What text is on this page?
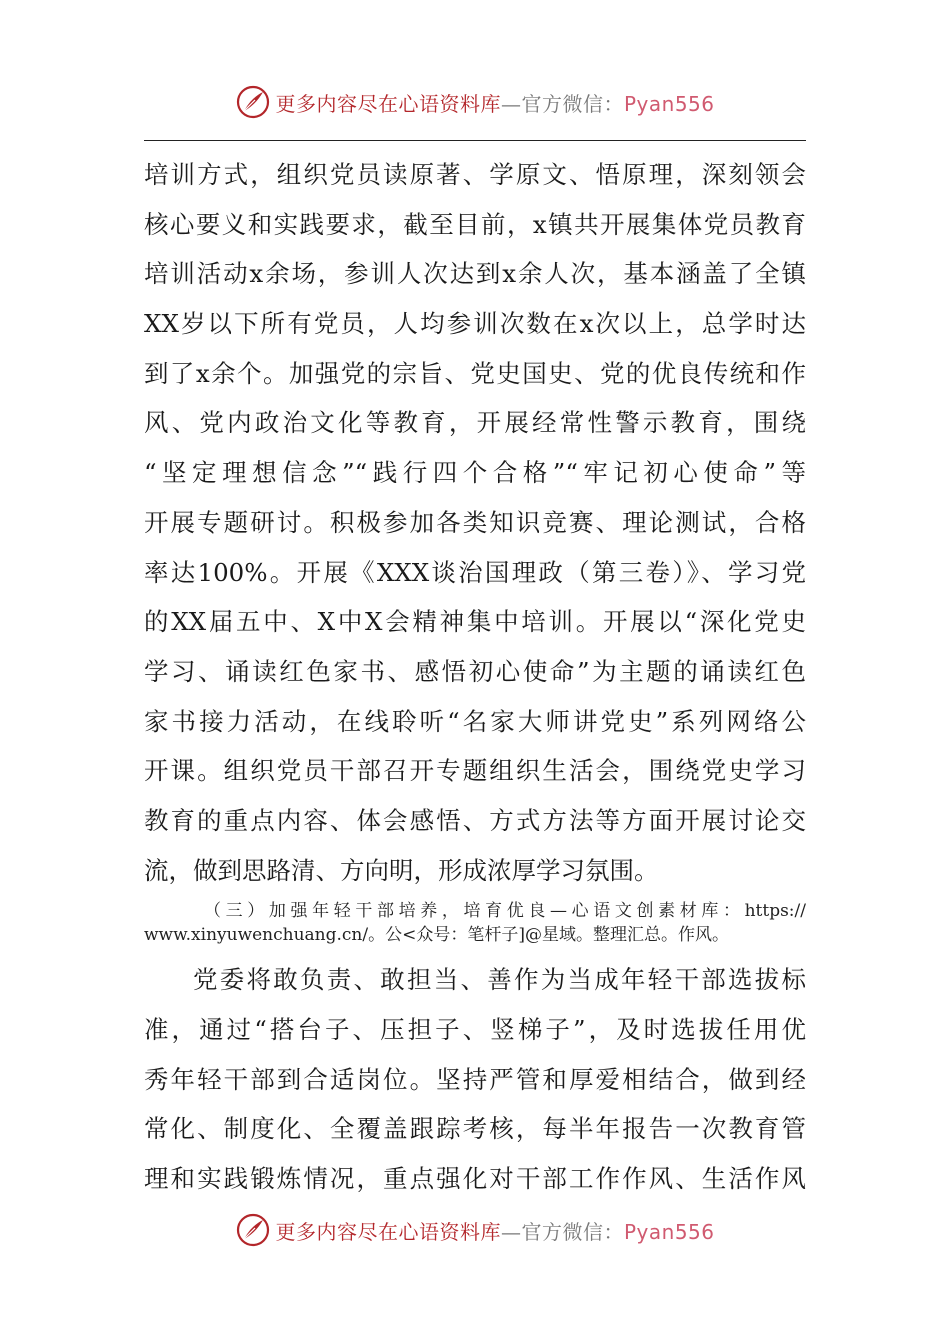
更多内容尽在心语资料库—官方微信：Pyan556
培训方式，组织党员读原著、学原文、悟原理，深刻领会
核心要义和实践要求，截至目前，x镇共开展集体党员教育
培训活动x余场，参训人次达到x余人次，基本涵盖了全镇
XX岁以下所有党员，人均参训次数在x次以上，总学时达
到了x余个。加强党的宗旨、党史国史、党的优良传统和作
风、党内政治文化等教育，开展经常性警示教育，围绕
“坚定理想信念”“践行四个合格”“牢记初心使命”等
开展专题研讨。积极参加各类知识竞赛、理论测试，合格
率达100%。开展《XXX谈治国理政（第三卷）》、学习党
的XX届五中、X中X会精神集中培训。开展以“深化党史
学习、诵读红色家书、感悟初心使命”为主题的诵读红色
家书接力活动，在线聆听“名家大师讲党史”系列网络公
开课。组织党员干部召开专题组织生活会，围绕党史学习
教育的重点内容、体会感悟、方式方法等方面开展讨论交
流，做到思路清、方向明，形成浓厚学习氛围。
（三）加强年轻干部培养，培育优良—心语文创素材库：https://
www.xinyuwenchuang.cn/。公<众号：笔杆子]@星域。整理汇总。作风。
党委将敢负责、敢担当、善作为当成年轻干部选拔标
准，通过“搭台子、压担子、竖梯子”，及时选拔任用优
秀年轻干部到合适岗位。坚持严管和厚爱相结合，做到经
常化、制度化、全覆盖跟踪考核，每半年报告一次教育管
理和实践锻炼情况，重点强化对干部工作作风、生活作风
更多内容尽在心语资料库—官方微信：Pyan556
